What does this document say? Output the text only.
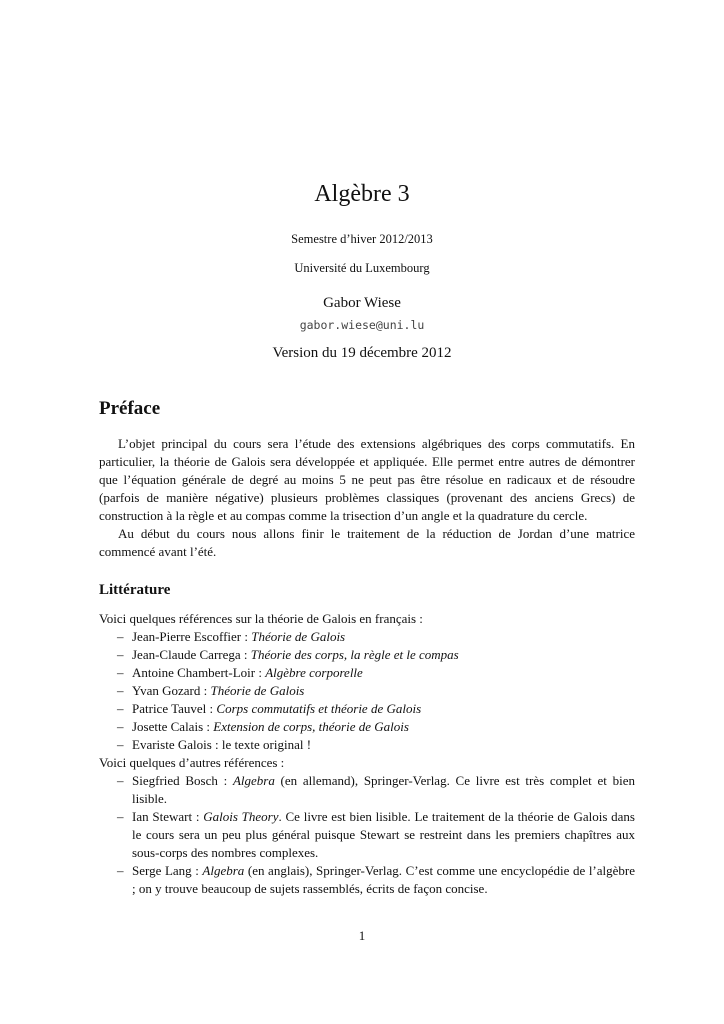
Algèbre 3
Semestre d’hiver 2012/2013
Université du Luxembourg
Gabor Wiese
gabor.wiese@uni.lu
Version du 19 décembre 2012
Préface

L’objet principal du cours sera l’étude des extensions algébriques des corps commutatifs. En particulier, la théorie de Galois sera développée et appliquée. Elle permet entre autres de démontrer que l’équation générale de degré au moins 5 ne peut pas être résolue en radicaux et de résoudre (parfois de manière négative) plusieurs problèmes classiques (provenant des anciens Grecs) de construction à la règle et au compas comme la trisection d’un angle et la quadrature du cercle.

Au début du cours nous allons finir le traitement de la réduction de Jordan d’une matrice commencé avant l’été.

Littérature

Voici quelques références sur la théorie de Galois en français :

– Jean-Pierre Escoffier : Théorie de Galois
– Jean-Claude Carrega : Théorie des corps, la règle et le compas
– Antoine Chambert-Loir : Algèbre corporelle
– Yvan Gozard : Théorie de Galois
– Patrice Tauvel : Corps commutatifs et théorie de Galois
– Josette Calais : Extension de corps, théorie de Galois
– Evariste Galois : le texte original !

Voici quelques d’autres références :

– Siegfried Bosch : Algebra (en allemand), Springer-Verlag. Ce livre est très complet et bien lisible.
– Ian Stewart : Galois Theory. Ce livre est bien lisible. Le traitement de la théorie de Galois dans le cours sera un peu plus général puisque Stewart se restreint dans les premiers chapîtres aux sous-corps des nombres complexes.
– Serge Lang : Algebra (en anglais), Springer-Verlag. C’est comme une encyclopédie de l’algèbre ; on y trouve beaucoup de sujets rassemblés, écrits de façon concise.
1
